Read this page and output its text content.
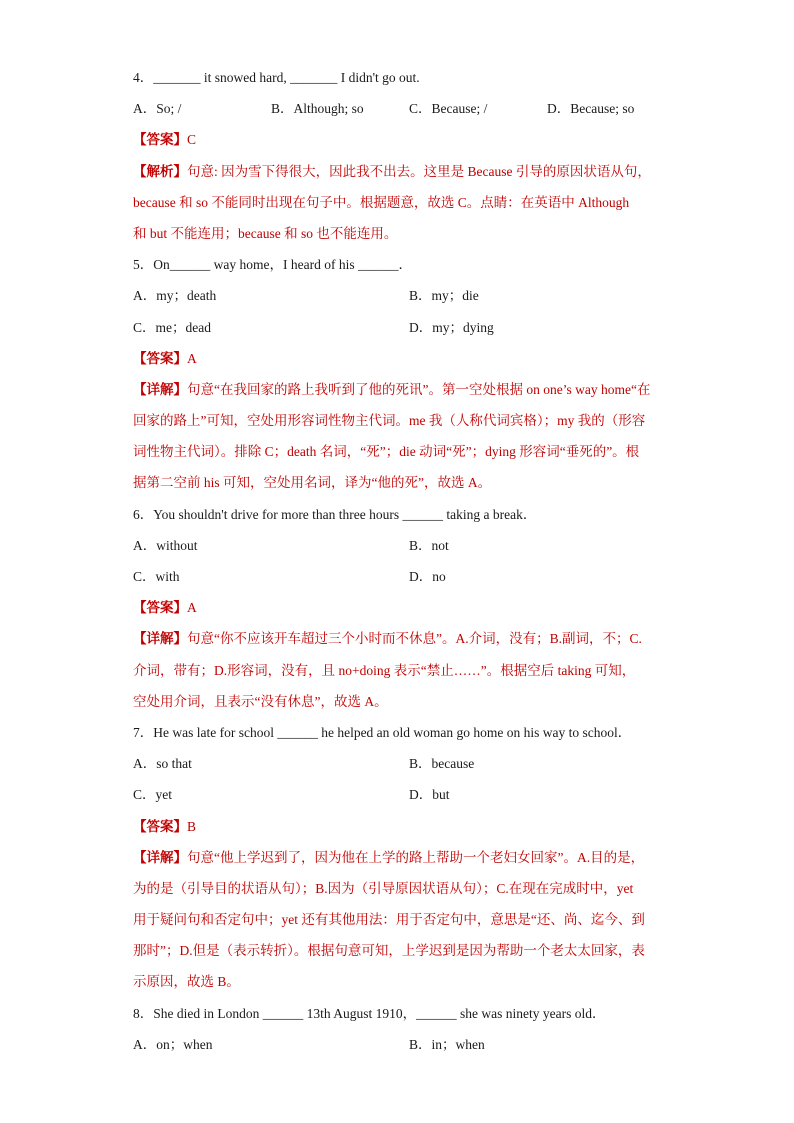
4．_______ it snowed hard, _______ I didn't go out.
A．So; /	B．Although; so	C．Because; /	D．Because; so
【答案】C
【解析】句意: 因为雪下得很大，因此我不出去。这里是 Because 引导的原因状语从句，
because 和 so 不能同时出现在句子中。根据题意，故选 C。点睛：在英语中 Although
和 but 不能连用；because 和 so 也不能连用。
5．On______ way home，I heard of his ______．
A．my；death	B．my；die
C．me；dead	D．my；dying
【答案】A
【详解】句意“在我回家的路上我听到了他的死讯”。第一空处根据 on one’s way home“在
回家的路上”可知，空处用形容词性物主代词。me 我（人称代词宾格）；my 我的（形容
词性物主代词）。排除 C；death 名词，“死”；die 动词“死”；dying 形容词“垂死的”。根
据第二空前 his 可知，空处用名词，译为“他的死”，故选 A。
6．You shouldn't drive for more than three hours ______ taking a break．
A．without	B．not
C．with	D．no
【答案】A
【详解】句意“你不应该开车超过三个小时而不休息”。A.介词，没有；B.副词，不；C.
介词，带有；D.形容词，没有，且 no+doing 表示“禁止……”。根据空后 taking 可知，
空处用介词，且表示“没有休息”，故选 A。
7．He was late for school ______ he helped an old woman go home on his way to school．
A．so that	B．because
C．yet	D．but
【答案】B
【详解】句意“他上学迟到了，因为他在上学的路上帮助一个老妇女回家”。A.目的是，
为的是（引导目的状语从句）；B.因为（引导原因状语从句）；C.在现在完成时中，yet
用于疑问句和否定句中；yet 还有其他用法：用于否定句中，意思是“还、尚、迄今、到
那时”；D.但是（表示转折）。根据句意可知，上学迟到是因为帮助一个老太太回家，表
示原因，故选 B。
8．She died in London ______ 13th August 1910，______ she was ninety years old．
A．on；when	B．in；when
